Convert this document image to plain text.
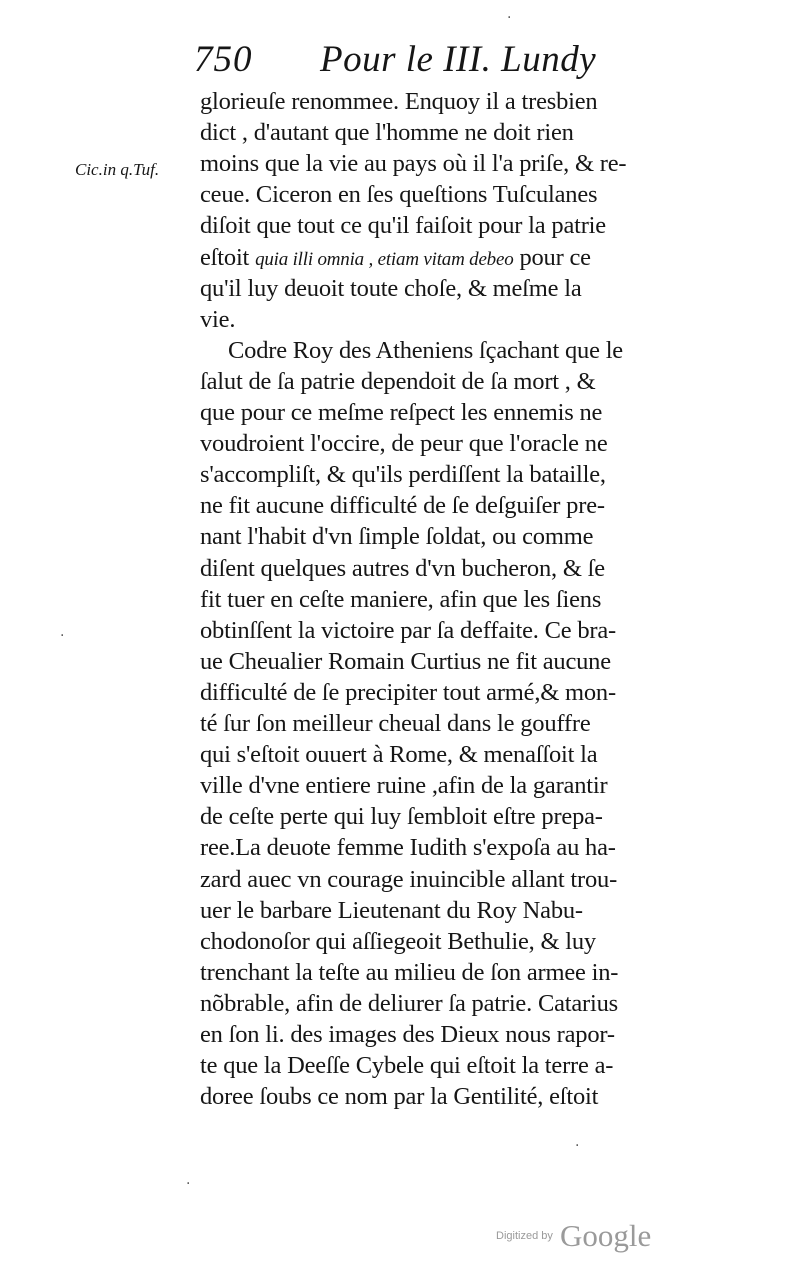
750 Pour le III. Lundy
Cic.in q.Tuf.
glorieuſe renommee. Enquoy il a tresbien
dict , d'autant que l'homme ne doit rien
moins que la vie au pays où il l'a priſe, & re-
ceue. Ciceron en ſes queſtions Tuſculanes
diſoit que tout ce qu'il faiſoit pour la patrie
eſtoit quia illi omnia , etiam vitam debeo pour ce
qu'il luy deuoit toute choſe, & meſme la
vie.
Codre Roy des Atheniens ſçachant que le
ſalut de ſa patrie dependoit de ſa mort , &
que pour ce meſme reſpect les ennemis ne
voudroient l'occire, de peur que l'oracle ne
s'accompliſt, & qu'ils perdiſſent la bataille,
ne fit aucune difficulté de ſe deſguiſer pre-
nant l'habit d'vn ſimple ſoldat, ou comme
diſent quelques autres d'vn bucheron, & ſe
fit tuer en ceſte maniere, afin que les ſiens
obtinſſent la victoire par ſa deffaite. Ce bra-
ue Cheualier Romain Curtius ne fit aucune
difficulté de ſe precipiter tout armé,& mon-
té ſur ſon meilleur cheual dans le gouffre
qui s'eſtoit ouuert à Rome, & menaſſoit la
ville d'vne entiere ruine ,afin de la garantir
de ceſte perte qui luy ſembloit eſtre prepa-
ree.La deuote femme Iudith s'expoſa au ha-
zard auec vn courage inuincible allant trou-
uer le barbare Lieutenant du Roy Nabu-
chodonoſor qui aſſiegeoit Bethulie, & luy
trenchant la teſte au milieu de ſon armee in-
nõbrable, afin de deliurer ſa patrie. Catarius
en ſon li. des images des Dieux nous rapor-
te que la Deeſſe Cybele qui eſtoit la terre a-
doree ſoubs ce nom par la Gentilité, eſtoit
·
·
·
·
Digitized by Google
